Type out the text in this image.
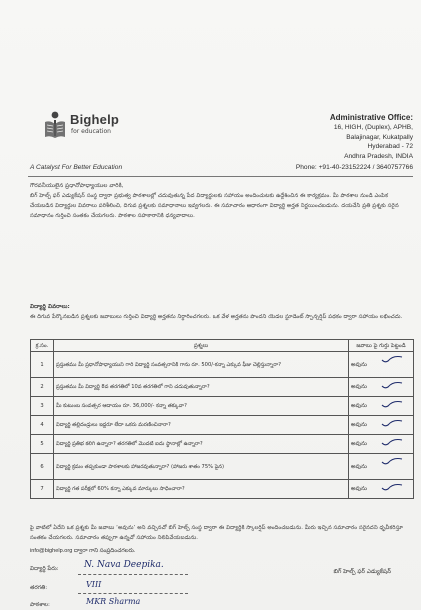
Bighelp
for education
A Catalyst For Better Education
Administrative Office:
16, HIGH, (Duplex), APHB,
Balajinagar, Kukatpally
Hyderabad - 72
Andhra Pradesh, INDIA
Phone: +91-40-23152224 / 3640757766
గౌరవనీయులైన ప్రధానోపాధ్యాయుల వారికి,
బిగ్ హెల్ప్ ఫర్ ఎడ్యుకేషన్ సంస్థ ద్వారా ప్రభుత్వ పాఠశాలల్లో చదువుతున్న పేద విద్యార్థులకు సహాయం అందించుటకు ఉద్దేశించిన ఈ కార్యక్రమం. మీ పాఠశాల నుండి ఎంపిక చేయబడిన విద్యార్థుల వివరాలు పరిశీలించి, దిగువ ప్రశ్నలకు సమాధానాలు ఇవ్వగలరు. ఈ సమాచారం ఆధారంగా విద్యార్థి అర్హత నిర్ణయించబడును. దయచేసి ప్రతి ప్రశ్నకు సరైన సమాధానం గుర్తించి సంతకం చేయగలరు. పాఠశాల సహకారానికి ధన్యవాదాలు.
విద్యార్థి వివరాలు:
ఈ దిగువ పేర్కొనబడిన ప్రశ్నలకు జవాబులు గుర్తించి విద్యార్థి అర్హతను నిర్ధారించగలరు. ఒక వేళ అర్హతను పొందని యెడల స్టూడెంట్ స్పాన్సర్షిప్ పథకం ద్వారా సహాయం లభించదు.
క్ర.సం.	ప్రశ్నలు	జవాబు పై గుర్తు పెట్టండి
1	ప్రస్తుతము మీ ప్రధానోపాధ్యాయుని గారి విద్యార్థి సంవత్సరానికి గాను రూ. 500/-కన్నా ఎక్కువ ఫీజు చెల్లిస్తున్నారా?	అవును

2	ప్రస్తుతము మీ విద్యార్థి 8వ తరగతిలో 10వ తరగతిలో గాని చదువుతున్నారా?	అవును

3	మీ కుటుంబ సంవత్సర ఆదాయం రూ. 36,000/- కన్నా తక్కువా?	అవును

4	విద్యార్థి తల్లిదండ్రులు ఇద్దరూ లేదా ఒకరు మరణించినారా?	అవును

5	విద్యార్థి ప్రతిభ కలిగి ఉన్నారా? తరగతిలో మొదటి ఐదు స్థానాల్లో ఉన్నారా?	అవును

6	విద్యార్థి క్రమం తప్పకుండా పాఠశాలకు హాజరవుతున్నారా? (హాజరు శాతం 75% పైన)	అవును

7	విద్యార్థి గత పరీక్షలో 60% కన్నా ఎక్కువ మార్కులు సాధించారా?	అవును
పై వాటిలో ఏదేని ఒక ప్రశ్నకు మీ జవాబు ‘అవును’ అని వచ్చినచో బిగ్ హెల్ప్ సంస్థ ద్వారా ఈ విద్యార్థికి స్కాలర్షిప్ అందించబడును. మీరు ఇచ్చిన సమాచారం సరైనదని ధృవీకరిస్తూ సంతకం చేయగలరు. సమాచారం తప్పుగా ఉన్నచో సహాయం నిలిపివేయబడును.
info@bighelp.org ద్వారా గాని సంప్రదించగలరు.
విద్యార్థి పేరు:	N. Nava Deepika.
తరగతి:	VIII
పాఠశాల:	MKR Sharma
బిగ్ హెల్ప్ ఫర్ ఎడ్యుకేషన్
